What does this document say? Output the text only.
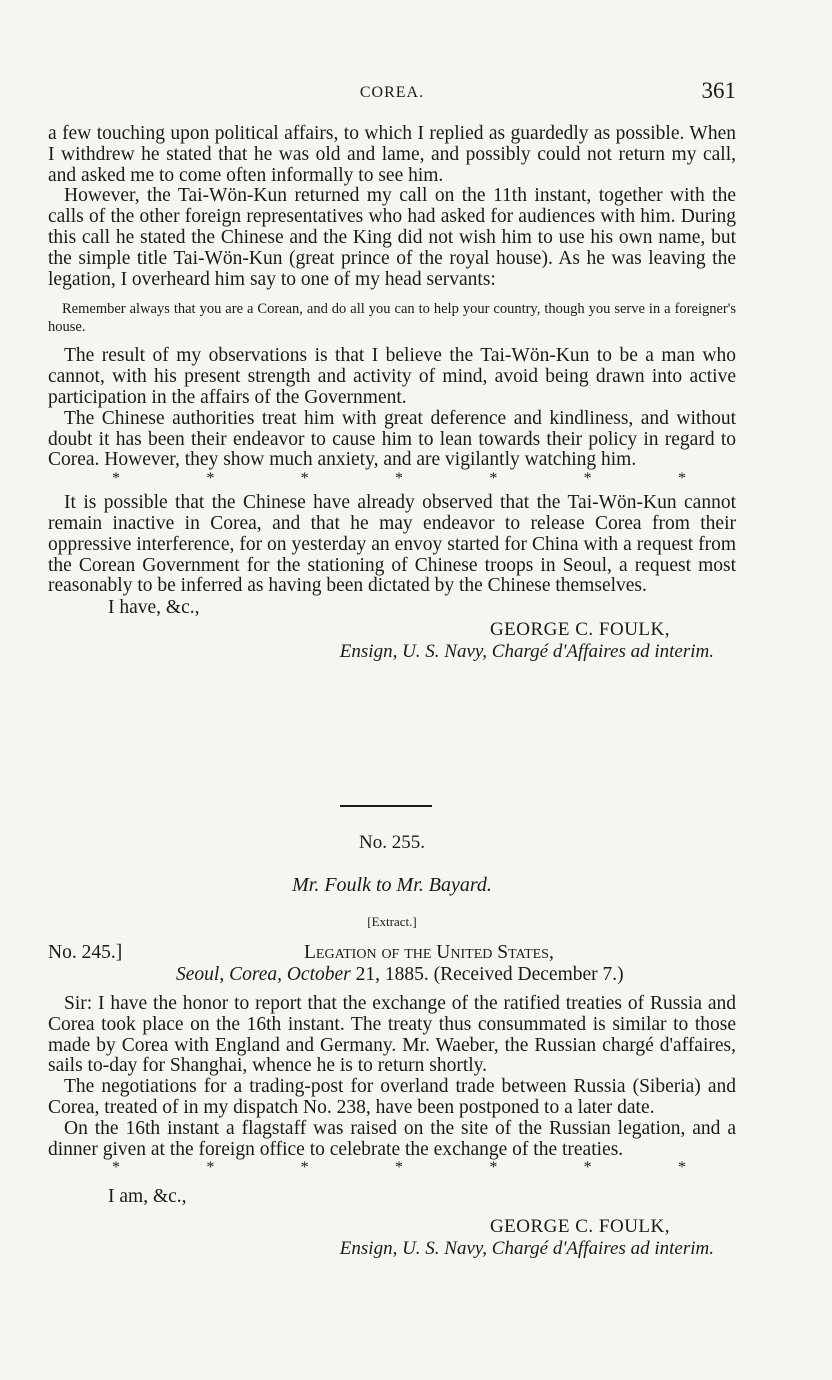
COREA.	361

a few touching upon political affairs, to which I replied as guardedly as possible. When I withdrew he stated that he was old and lame, and possibly could not return my call, and asked me to come often informally to see him.

However, the Tai-Wön-Kun returned my call on the 11th instant, together with the calls of the other foreign representatives who had asked for audiences with him. During this call he stated the Chinese and the King did not wish him to use his own name, but the simple title Tai-Wön-Kun (great prince of the royal house). As he was leaving the legation, I overheard him say to one of my head servants:

Remember always that you are a Corean, and do all you can to help your country, though you serve in a foreigner's house.

The result of my observations is that I believe the Tai-Wön-Kun to be a man who cannot, with his present strength and activity of mind, avoid being drawn into active participation in the affairs of the Government.

The Chinese authorities treat him with great deference and kindliness, and without doubt it has been their endeavor to cause him to lean towards their policy in regard to Corea. However, they show much anxiety, and are vigilantly watching him.

*	*	*	*	*	*	*

It is possible that the Chinese have already observed that the Tai-Wön-Kun cannot remain inactive in Corea, and that he may endeavor to release Corea from their oppressive interference, for on yesterday an envoy started for China with a request from the Corean Government for the stationing of Chinese troops in Seoul, a request most reasonably to be inferred as having been dictated by the Chinese themselves.

I have, &c.,
GEORGE C. FOULK,
Ensign, U. S. Navy, Chargé d'Affaires ad interim.
No. 255.
Mr. Foulk to Mr. Bayard.
[Extract.]
No. 245.]	Legation of the United States,
Seoul, Corea, October 21, 1885. (Received December 7.)

Sir: I have the honor to report that the exchange of the ratified treaties of Russia and Corea took place on the 16th instant. The treaty thus consummated is similar to those made by Corea with England and Germany. Mr. Waeber, the Russian chargé d'affaires, sails to-day for Shanghai, whence he is to return shortly.

The negotiations for a trading-post for overland trade between Russia (Siberia) and Corea, treated of in my dispatch No. 238, have been postponed to a later date.

On the 16th instant a flagstaff was raised on the site of the Russian legation, and a dinner given at the foreign office to celebrate the exchange of the treaties.

*	*	*	*	*	*	*
I am, &c.,
GEORGE C. FOULK,
Ensign, U. S. Navy, Chargé d'Affaires ad interim.
